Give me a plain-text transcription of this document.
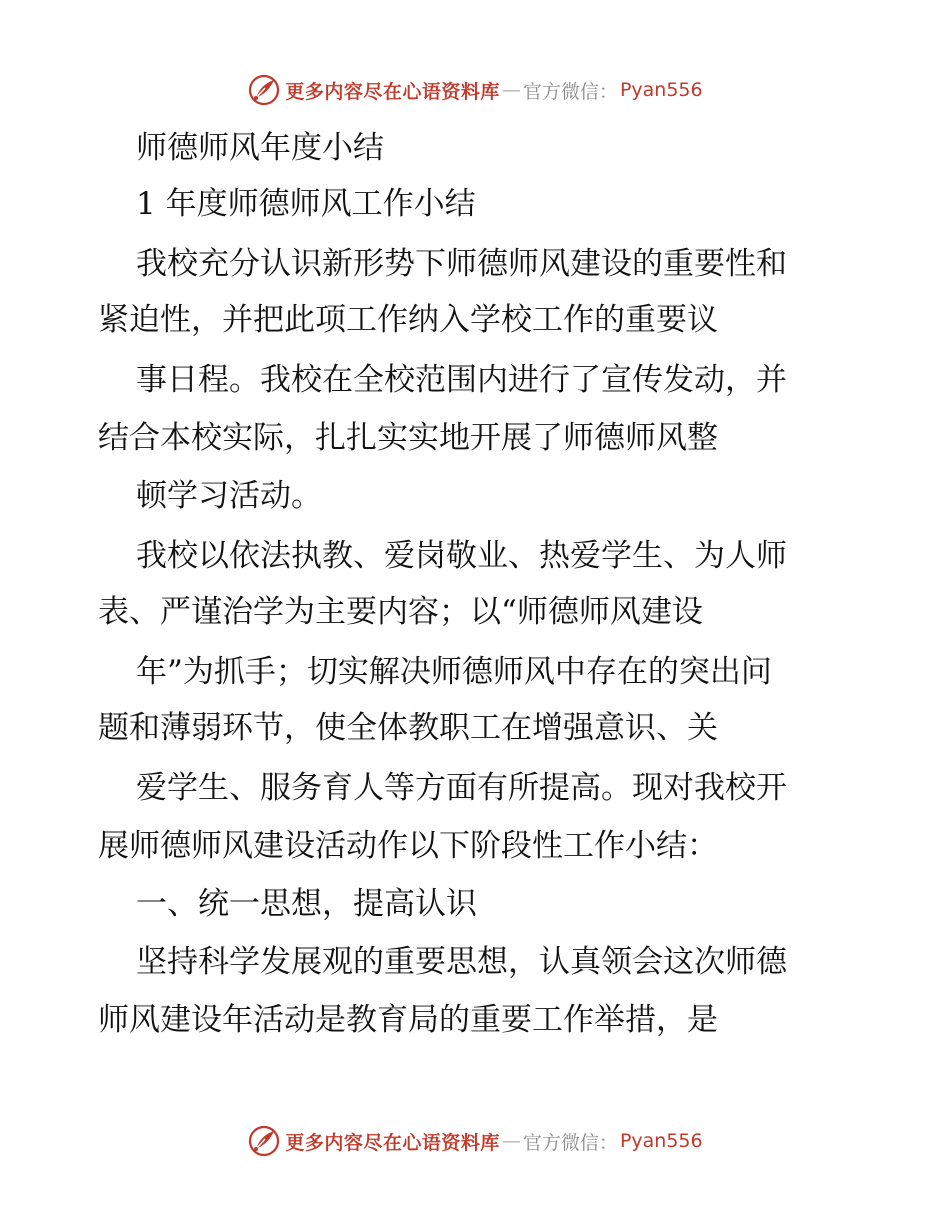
更多内容尽在心语资料库 — 官方微信： Pyan556
师德师风年度小结
1 年度师德师风工作小结
我校充分认识新形势下师德师风建设的重要性和
紧迫性，并把此项工作纳入学校工作的重要议
事日程。我校在全校范围内进行了宣传发动，并
结合本校实际，扎扎实实地开展了师德师风整
顿学习活动。
我校以依法执教、爱岗敬业、热爱学生、为人师
表、严谨治学为主要内容；以“师德师风建设
年”为抓手；切实解决师德师风中存在的突出问
题和薄弱环节，使全体教职工在增强意识、关
爱学生、服务育人等方面有所提高。现对我校开
展师德师风建设活动作以下阶段性工作小结：
一、统一思想，提高认识
坚持科学发展观的重要思想，认真领会这次师德
师风建设年活动是教育局的重要工作举措，是
更多内容尽在心语资料库 — 官方微信： Pyan556
